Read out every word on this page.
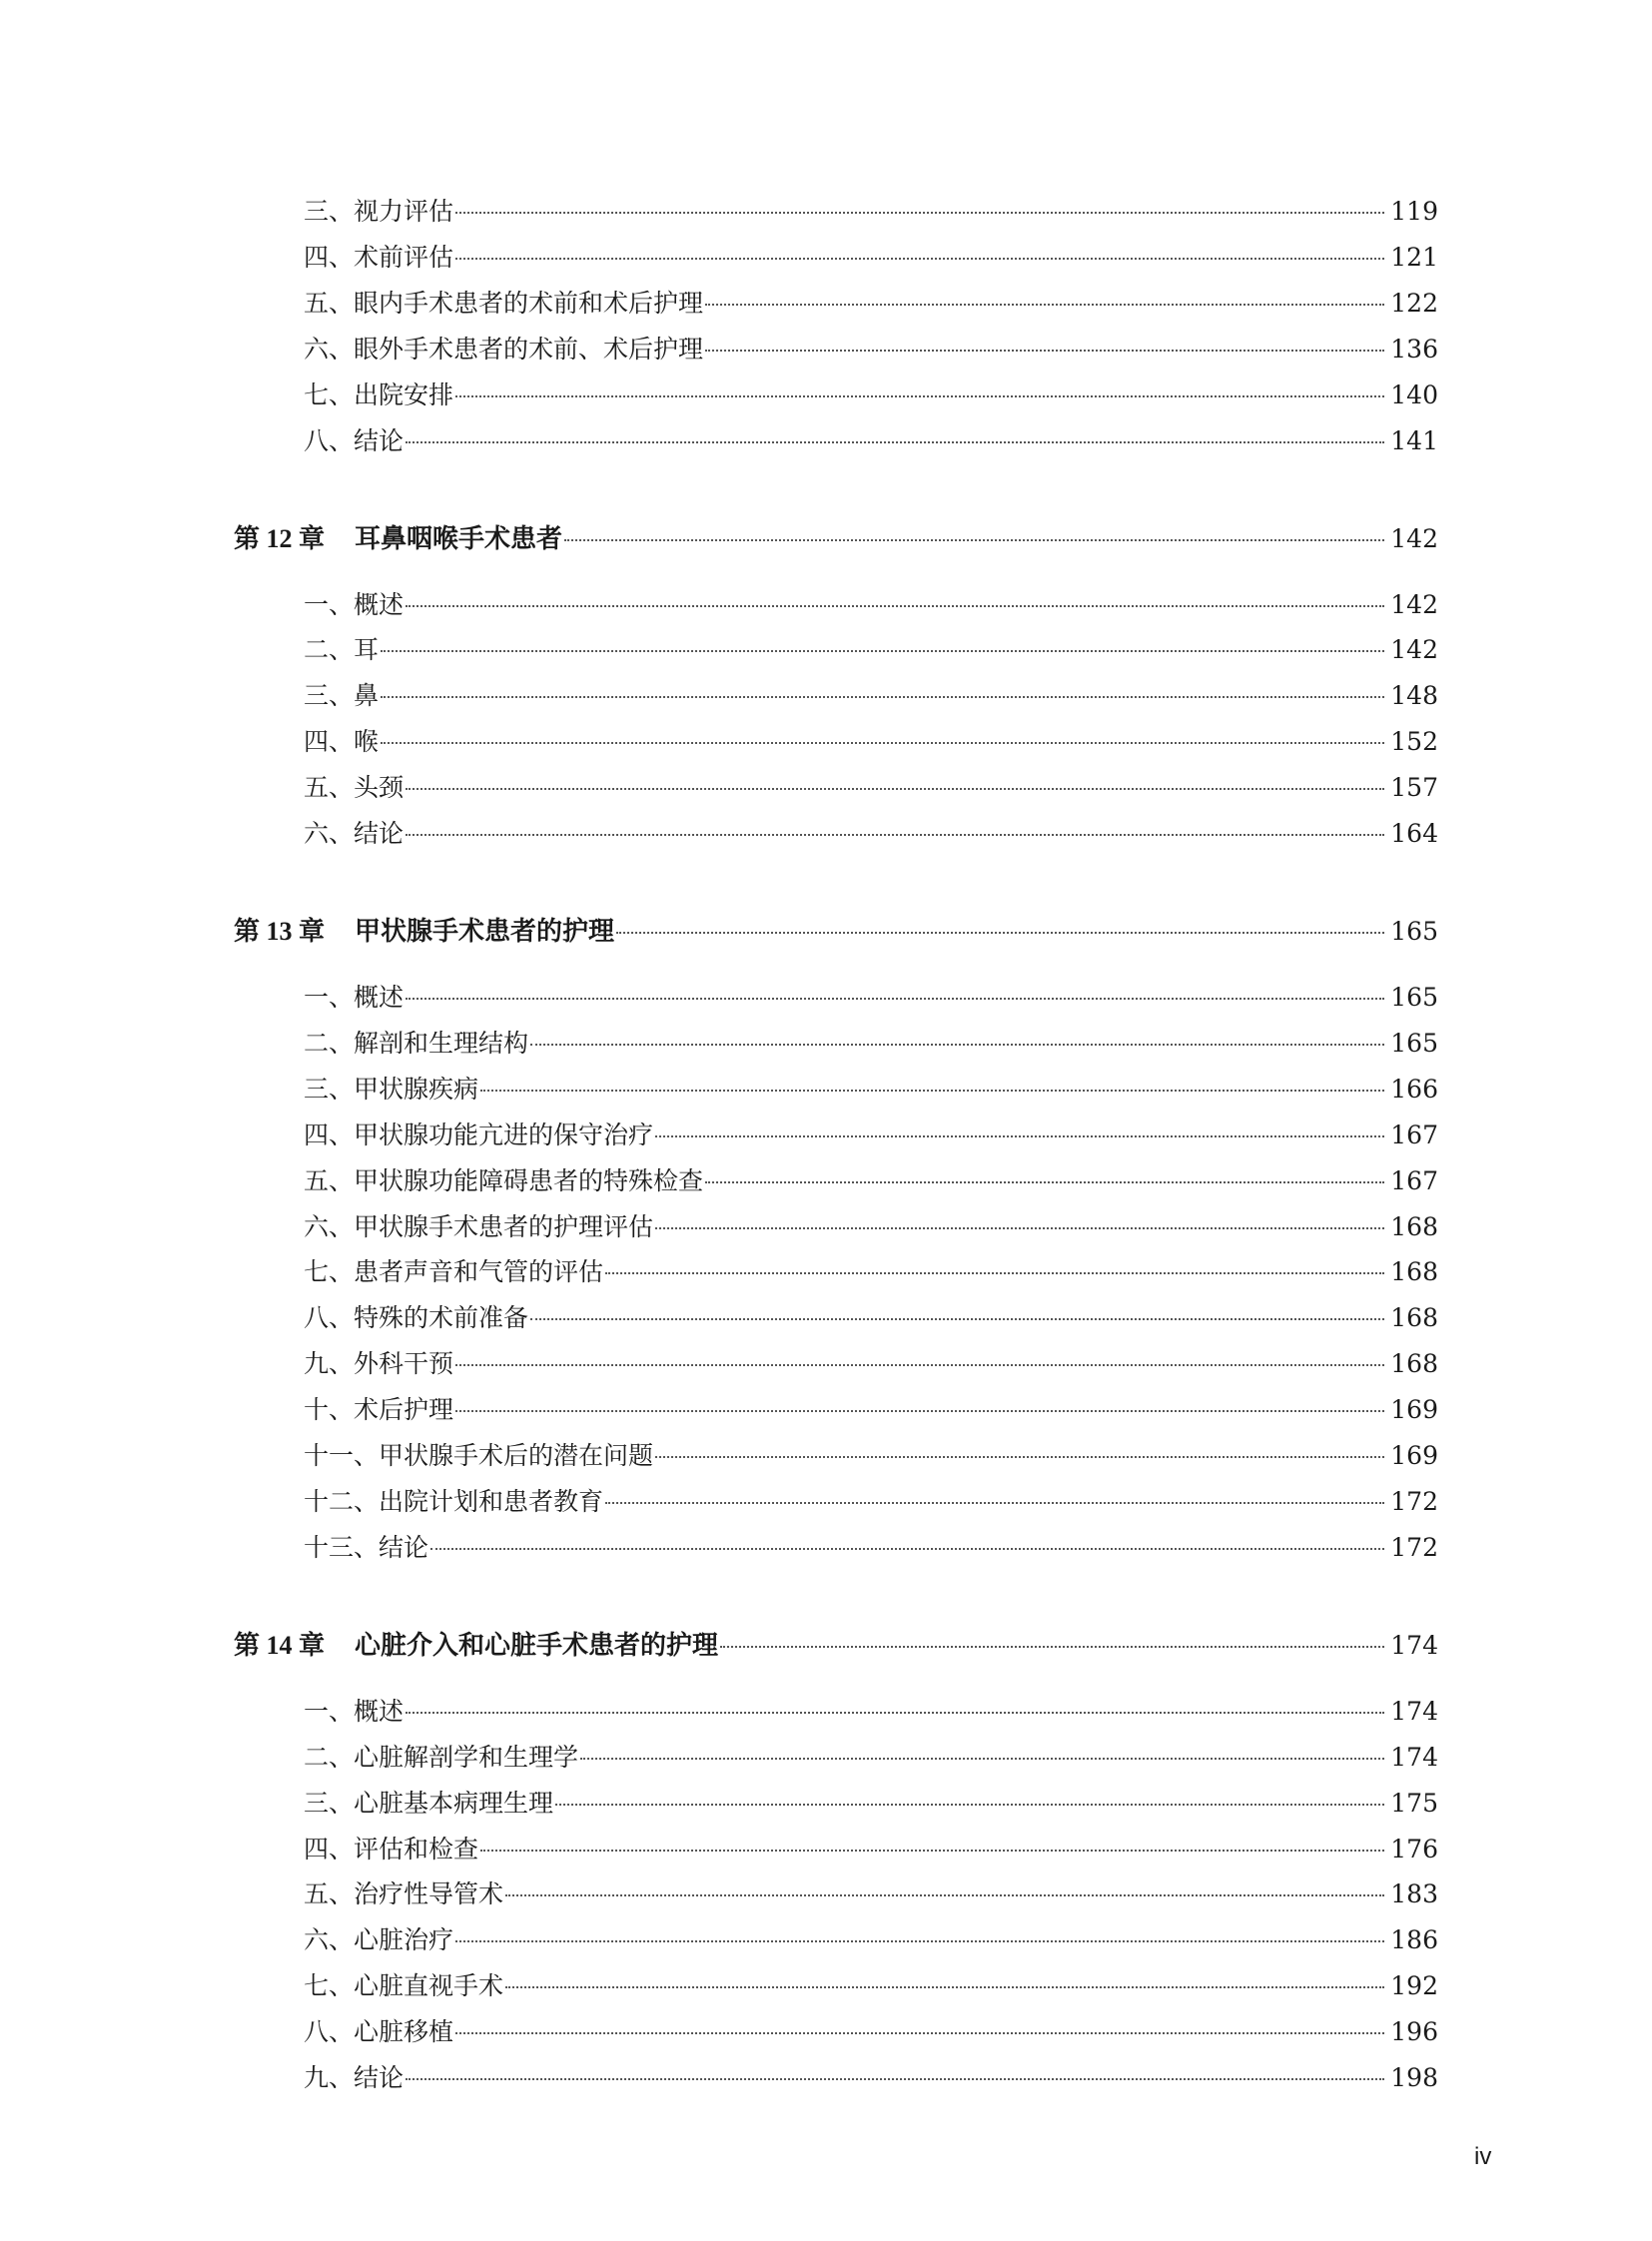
三、视力评估	119
四、术前评估	121
五、眼内手术患者的术前和术后护理	122
六、眼外手术患者的术前、术后护理	136
七、出院安排	140
八、结论	141
第 12 章 耳鼻咽喉手术患者	142
一、概述	142
二、耳	142
三、鼻	148
四、喉	152
五、头颈	157
六、结论	164
第 13 章 甲状腺手术患者的护理	165
一、概述	165
二、解剖和生理结构	165
三、甲状腺疾病	166
四、甲状腺功能亢进的保守治疗	167
五、甲状腺功能障碍患者的特殊检查	167
六、甲状腺手术患者的护理评估	168
七、患者声音和气管的评估	168
八、特殊的术前准备	168
九、外科干预	168
十、术后护理	169
十一、甲状腺手术后的潜在问题	169
十二、出院计划和患者教育	172
十三、结论	172
第 14 章 心脏介入和心脏手术患者的护理	174
一、概述	174
二、心脏解剖学和生理学	174
三、心脏基本病理生理	175
四、评估和检查	176
五、治疗性导管术	183
六、心脏治疗	186
七、心脏直视手术	192
八、心脏移植	196
九、结论	198
iv
